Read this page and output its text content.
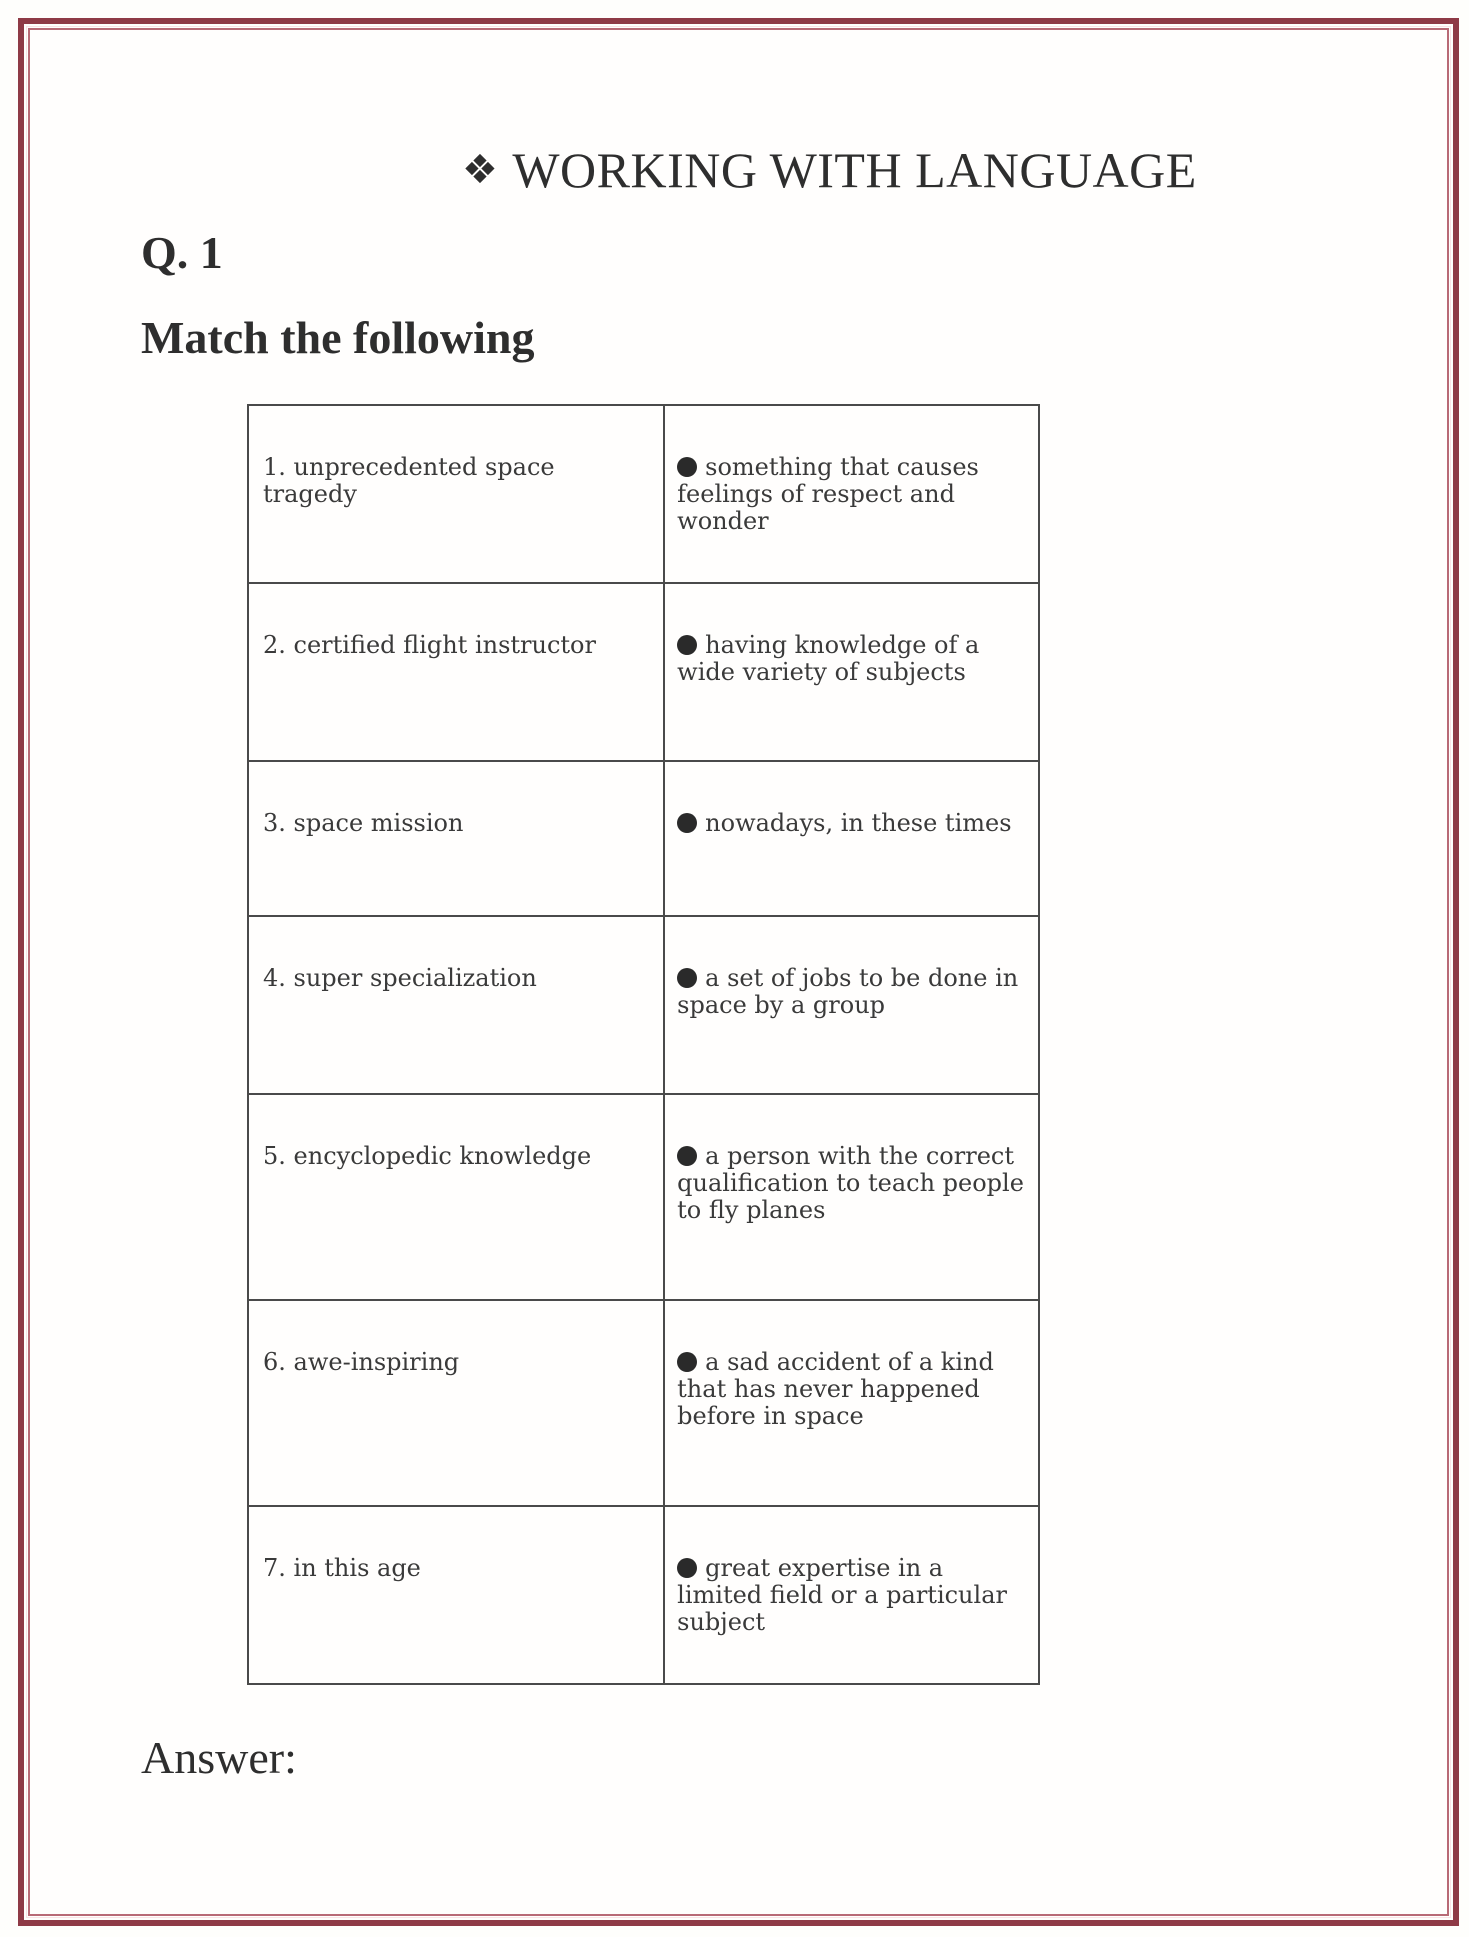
❖ WORKING WITH LANGUAGE
Q. 1
Match the following
1. unprecedented space tragedy	something that causes feelings of respect and wonder
2. certified flight instructor	having knowledge of a wide variety of subjects
3. space mission	nowadays, in these times
4. super specialization	a set of jobs to be done in space by a group
5. encyclopedic knowledge	a person with the correct qualification to teach people to fly planes
6. awe-inspiring	a sad accident of a kind that has never happened before in space
7. in this age	great expertise in a limited field or a particular subject
Answer:
